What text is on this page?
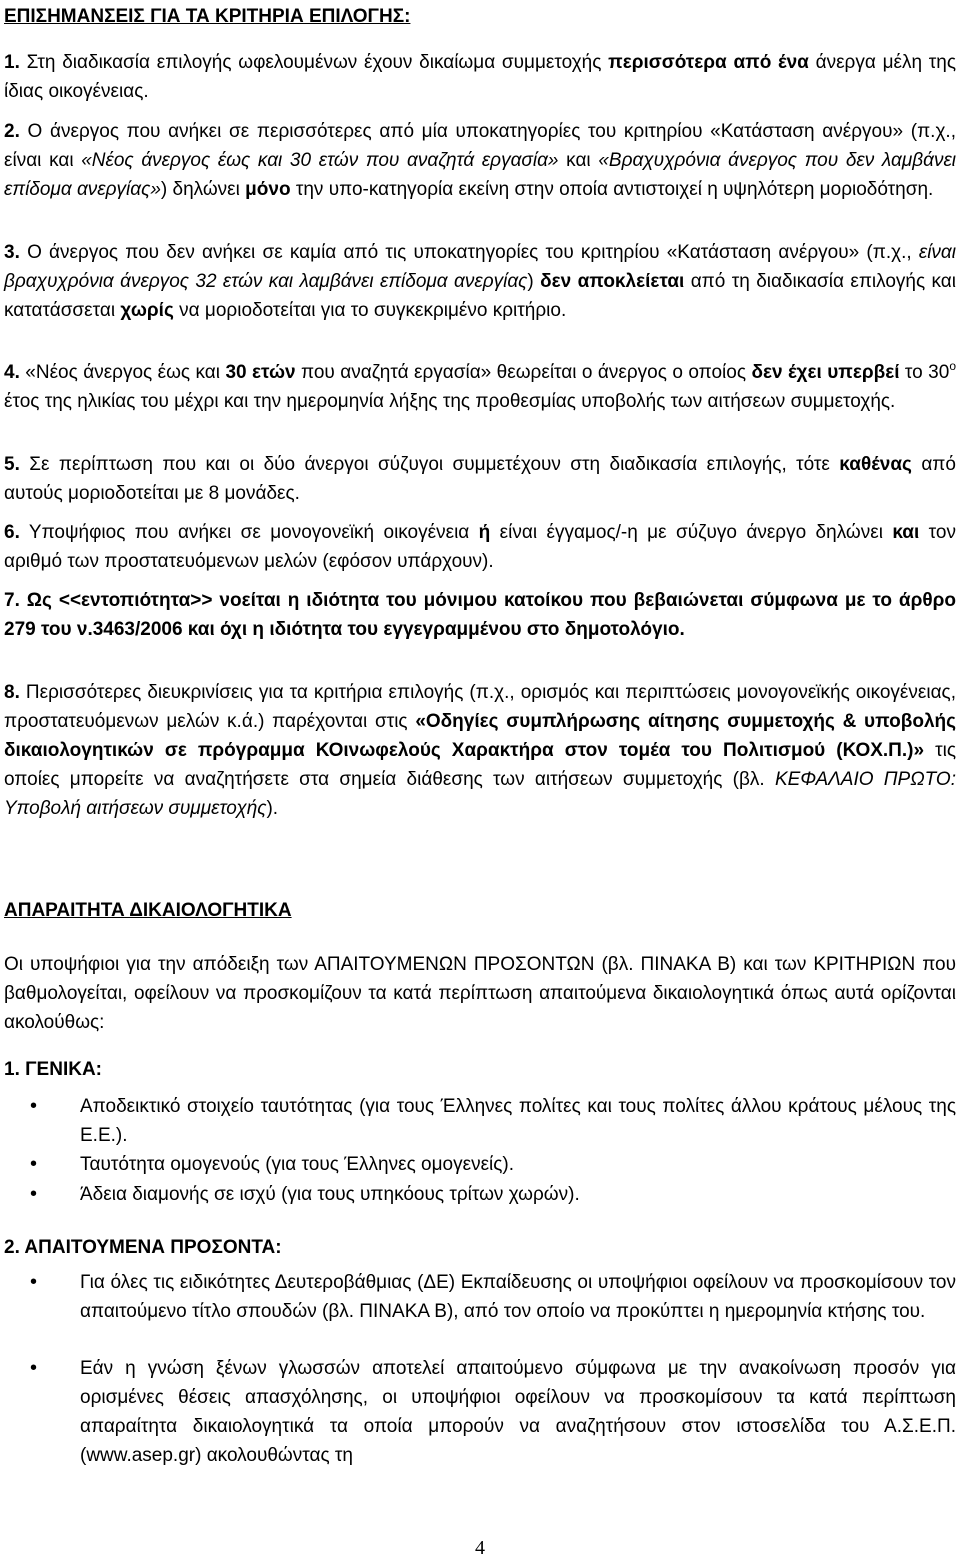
ΕΠΙΣΗΜΑΝΣΕΙΣ ΓΙΑ ΤΑ ΚΡΙΤΗΡΙΑ ΕΠΙΛΟΓΗΣ:

1. Στη διαδικασία επιλογής ωφελουμένων έχουν δικαίωμα συμμετοχής περισσότερα από ένα άνεργα μέλη της ίδιας οικογένειας.

2. Ο άνεργος που ανήκει σε περισσότερες από μία υποκατηγορίες του κριτηρίου «Κατάσταση ανέργου» (π.χ., είναι και «Νέος άνεργος έως και 30 ετών που αναζητά εργασία» και «Βραχυχρόνια άνεργος που δεν λαμβάνει επίδομα ανεργίας») δηλώνει μόνο την υπο-κατηγορία εκείνη στην οποία αντιστοιχεί η υψηλότερη μοριοδότηση.

3. Ο άνεργος που δεν ανήκει σε καμία από τις υποκατηγορίες του κριτηρίου «Κατάσταση ανέργου» (π.χ., είναι βραχυχρόνια άνεργος 32 ετών και λαμβάνει επίδομα ανεργίας) δεν αποκλείεται από τη διαδικασία επιλογής και κατατάσσεται χωρίς να μοριοδοτείται για το συγκεκριμένο κριτήριο.

4. «Νέος άνεργος έως και 30 ετών που αναζητά εργασία» θεωρείται ο άνεργος ο οποίος δεν έχει υπερβεί το $30^o$ έτος της ηλικίας του μέχρι και την ημερομηνία λήξης της προθεσμίας υποβολής των αιτήσεων συμμετοχής.

5. Σε περίπτωση που και οι δύο άνεργοι σύζυγοι συμμετέχουν στη διαδικασία επιλογής, τότε καθένας από αυτούς μοριοδοτείται με 8 μονάδες.

6. Υποψήφιος που ανήκει σε μονογονεϊκή οικογένεια ή είναι έγγαμος/-η με σύζυγο άνεργο δηλώνει και τον αριθμό των προστατευόμενων μελών (εφόσον υπάρχουν).

7. Ως <<εντοπιότητα>> νοείται η ιδιότητα του μόνιμου κατοίκου που βεβαιώνεται σύμφωνα με το άρθρο 279 του ν.3463/2006 και όχι η ιδιότητα του εγγεγραμμένου στο δημοτολόγιο.

8. Περισσότερες διευκρινίσεις για τα κριτήρια επιλογής (π.χ., ορισμός και περιπτώσεις μονογονεϊκής οικογένειας, προστατευόμενων μελών κ.ά.) παρέχονται στις «Οδηγίες συμπλήρωσης αίτησης συμμετοχής & υποβολής δικαιολογητικών σε πρόγραμμα ΚΟινωφελούς Χαρακτήρα στον τομέα του Πολιτισμού (ΚΟΧ.Π.)» τις οποίες μπορείτε να αναζητήσετε στα σημεία διάθεσης των αιτήσεων συμμετοχής (βλ. ΚΕΦΑΛΑΙΟ ΠΡΩΤΟ: Υποβολή αιτήσεων συμμετοχής).

ΑΠΑΡΑΙΤΗΤΑ ΔΙΚΑΙΟΛΟΓΗΤΙΚΑ

Οι υποψήφιοι για την απόδειξη των ΑΠΑΙΤΟΥΜΕΝΩΝ ΠΡΟΣΟΝΤΩΝ (βλ. ΠΙΝΑΚΑ Β) και των ΚΡΙΤΗΡΙΩΝ που βαθμολογείται, οφείλουν να προσκομίζουν τα κατά περίπτωση απαιτούμενα δικαιολογητικά όπως αυτά ορίζονται ακολούθως:

1. ΓΕΝΙΚΑ:

• Αποδεικτικό στοιχείο ταυτότητας (για τους Έλληνες πολίτες και τους πολίτες άλλου κράτους μέλους της Ε.Ε.).

• Ταυτότητα ομογενούς (για τους Έλληνες ομογενείς).

• Άδεια διαμονής σε ισχύ (για τους υπηκόους τρίτων χωρών).

2. ΑΠΑΙΤΟΥΜΕΝΑ ΠΡΟΣΟΝΤΑ:

• Για όλες τις ειδικότητες Δευτεροβάθμιας (ΔΕ) Εκπαίδευσης οι υποψήφιοι οφείλουν να προσκομίσουν τον απαιτούμενο τίτλο σπουδών (βλ. ΠΙΝΑΚΑ Β), από τον οποίο να προκύπτει η ημερομηνία κτήσης του.

• Εάν η γνώση ξένων γλωσσών αποτελεί απαιτούμενο σύμφωνα με την ανακοίνωση προσόν για ορισμένες θέσεις απασχόλησης, οι υποψήφιοι οφείλουν να προσκομίσουν τα κατά περίπτωση απαραίτητα δικαιολογητικά τα οποία μπορούν να αναζητήσουν στον ιστοσελίδα του Α.Σ.Ε.Π. (www.asep.gr) ακολουθώντας τη

4
